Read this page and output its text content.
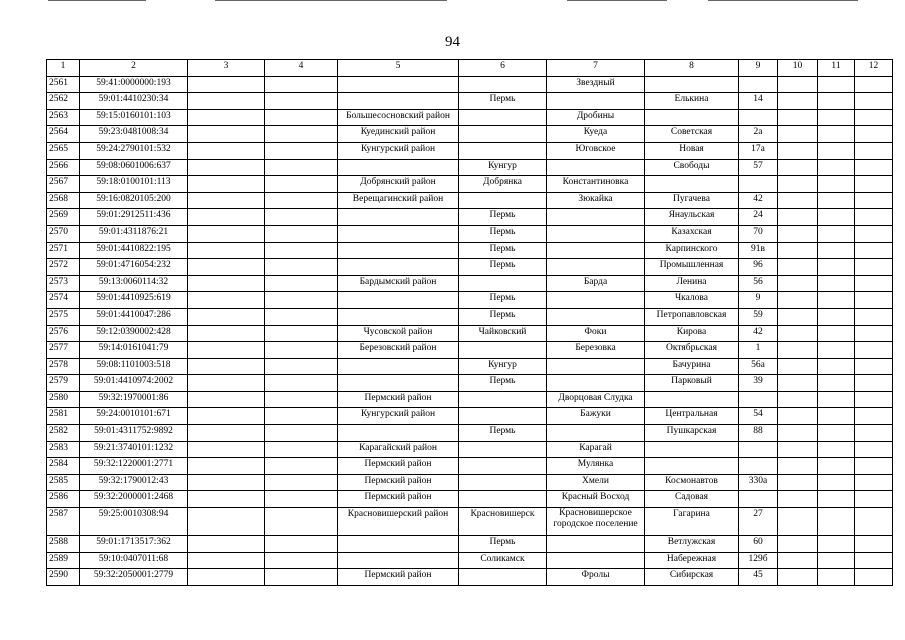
94
1	2	3	4	5	6	7	8	9	10	11	12
2561	59:41:0000000:193					Звездный					
2562	59:01:4410230:34				Пермь		Елькина	14			
2563	59:15:0160101:103			Большесосновский район		Дробины					
2564	59:23:0481008:34			Куединский район		Куеда	Советская	2а			
2565	59:24:2790101:532			Кунгурский район		Юговское	Новая	17а			
2566	59:08:0601006:637				Кунгур		Свободы	57			
2567	59:18:0100101:113			Добрянский район	Добрянка	Константиновка					
2568	59:16:0820105:200			Верещагинский район		Зюкайка	Пугачева	42			
2569	59:01:2912511:436				Пермь		Янаульская	24			
2570	59:01:4311876:21				Пермь		Казахская	70			
2571	59:01:4410822:195				Пермь		Карпинского	91в			
2572	59:01:4716054:232				Пермь		Промышленная	96			
2573	59:13:0060114:32			Бардымский район		Барда	Ленина	56			
2574	59:01:4410925:619				Пермь		Чкалова	9			
2575	59:01:4410047:286				Пермь		Петропавловская	59			
2576	59:12:0390002:428			Чусовской район	Чайковский	Фоки	Кирова	42			
2577	59:14:0161041:79			Березовский район		Березовка	Октябрьская	1			
2578	59:08:1101003:518				Кунгур		Бачурина	56а			
2579	59:01:4410974:2002				Пермь		Парковый	39			
2580	59:32:1970001:86			Пермский район		Дворцовая Слудка					
2581	59:24:0010101:671			Кунгурский район		Бажуки	Центральная	54			
2582	59:01:4311752:9892				Пермь		Пушкарская	88			
2583	59:21:3740101:1232			Карагайский район		Карагай					
2584	59:32:1220001:2771			Пермский район		Мулянка					
2585	59:32:1790012:43			Пермский район		Хмели	Космонавтов	330а			
2586	59:32:2000001:2468			Пермский район		Красный Восход	Садовая				
2587	59:25:0010308:94			Красновишерский район	Красновишерск	Красновишерское городское поселение	Гагарина	27			
2588	59:01:1713517:362				Пермь		Ветлужская	60			
2589	59:10:0407011:68				Соликамск		Набережная	129б			
2590	59:32:2050001:2779			Пермский район		Фролы	Сибирская	45			
